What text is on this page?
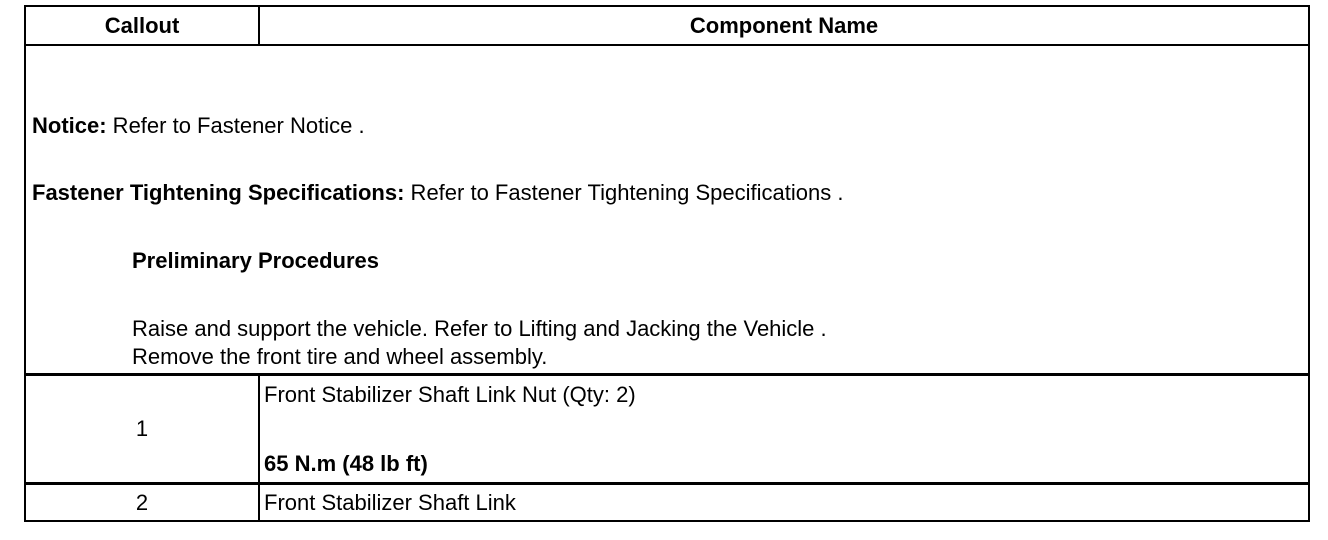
Callout	Component Name
Notice: Refer to Fastener Notice .
Fastener Tightening Specifications: Refer to Fastener Tightening Specifications .
Preliminary Procedures
Raise and support the vehicle. Refer to Lifting and Jacking the Vehicle .
Remove the front tire and wheel assembly.
1
Front Stabilizer Shaft Link Nut (Qty: 2)
65 N.m (48 lb ft)
2	Front Stabilizer Shaft Link
